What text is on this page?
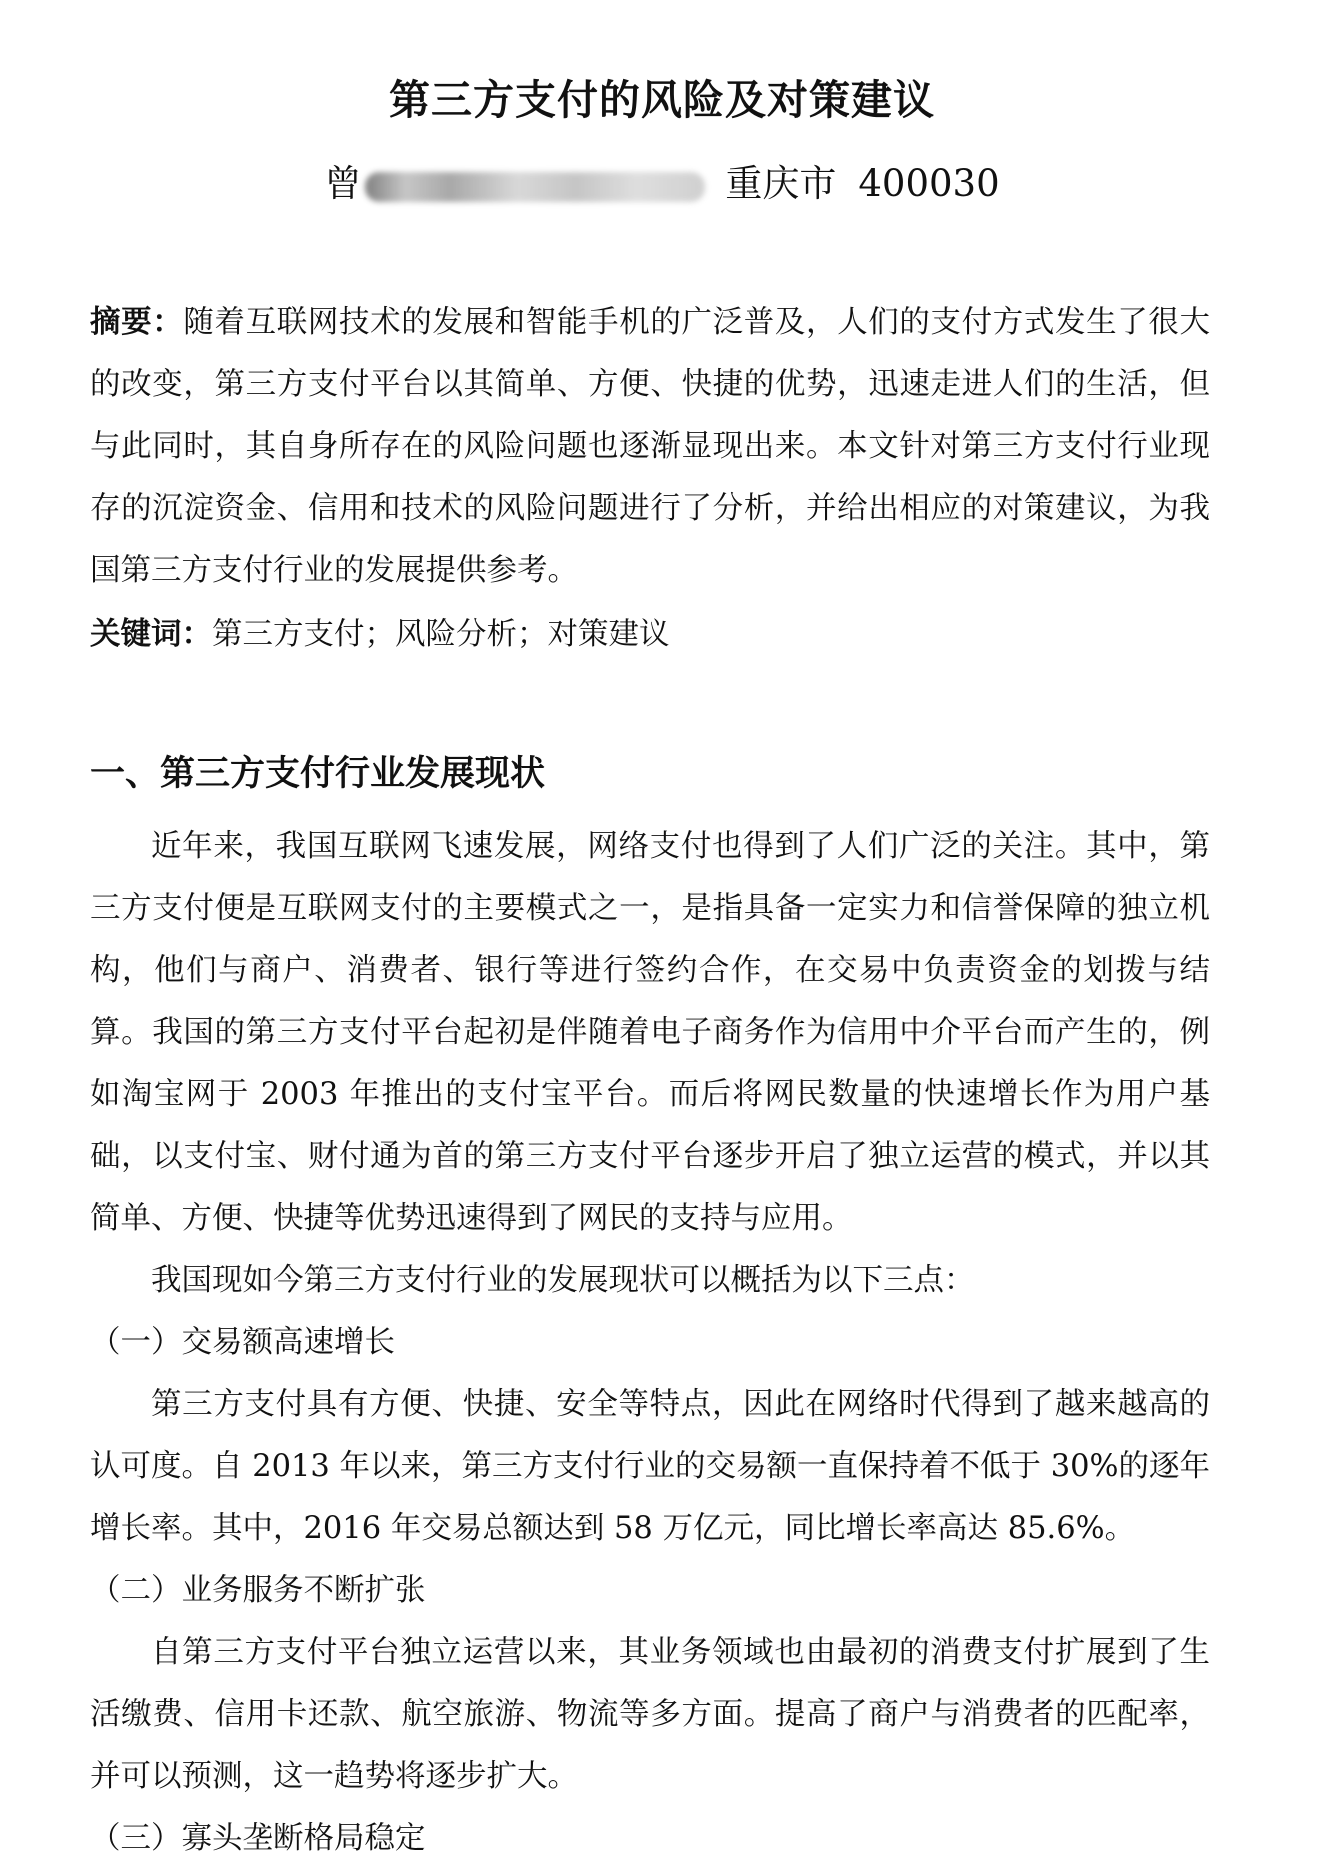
第三方支付的风险及对策建议
曾	重庆市 400030
摘要：随着互联网技术的发展和智能手机的广泛普及，人们的支付方式发生了很大的改变，第三方支付平台以其简单、方便、快捷的优势，迅速走进人们的生活，但与此同时，其自身所存在的风险问题也逐渐显现出来。本文针对第三方支付行业现存的沉淀资金、信用和技术的风险问题进行了分析，并给出相应的对策建议，为我国第三方支付行业的发展提供参考。
关键词：第三方支付；风险分析；对策建议
一、第三方支付行业发展现状

近年来，我国互联网飞速发展，网络支付也得到了人们广泛的关注。其中，第三方支付便是互联网支付的主要模式之一，是指具备一定实力和信誉保障的独立机构，他们与商户、消费者、银行等进行签约合作，在交易中负责资金的划拨与结算。我国的第三方支付平台起初是伴随着电子商务作为信用中介平台而产生的，例如淘宝网于 2003 年推出的支付宝平台。而后将网民数量的快速增长作为用户基础，以支付宝、财付通为首的第三方支付平台逐步开启了独立运营的模式，并以其简单、方便、快捷等优势迅速得到了网民的支持与应用。

我国现如今第三方支付行业的发展现状可以概括为以下三点：

（一）交易额高速增长

第三方支付具有方便、快捷、安全等特点，因此在网络时代得到了越来越高的认可度。自 2013 年以来，第三方支付行业的交易额一直保持着不低于 30%的逐年增长率。其中，2016 年交易总额达到 58 万亿元，同比增长率高达 85.6%。

（二）业务服务不断扩张

自第三方支付平台独立运营以来，其业务领域也由最初的消费支付扩展到了生活缴费、信用卡还款、航空旅游、物流等多方面。提高了商户与消费者的匹配率，并可以预测，这一趋势将逐步扩大。

（三）寡头垄断格局稳定
